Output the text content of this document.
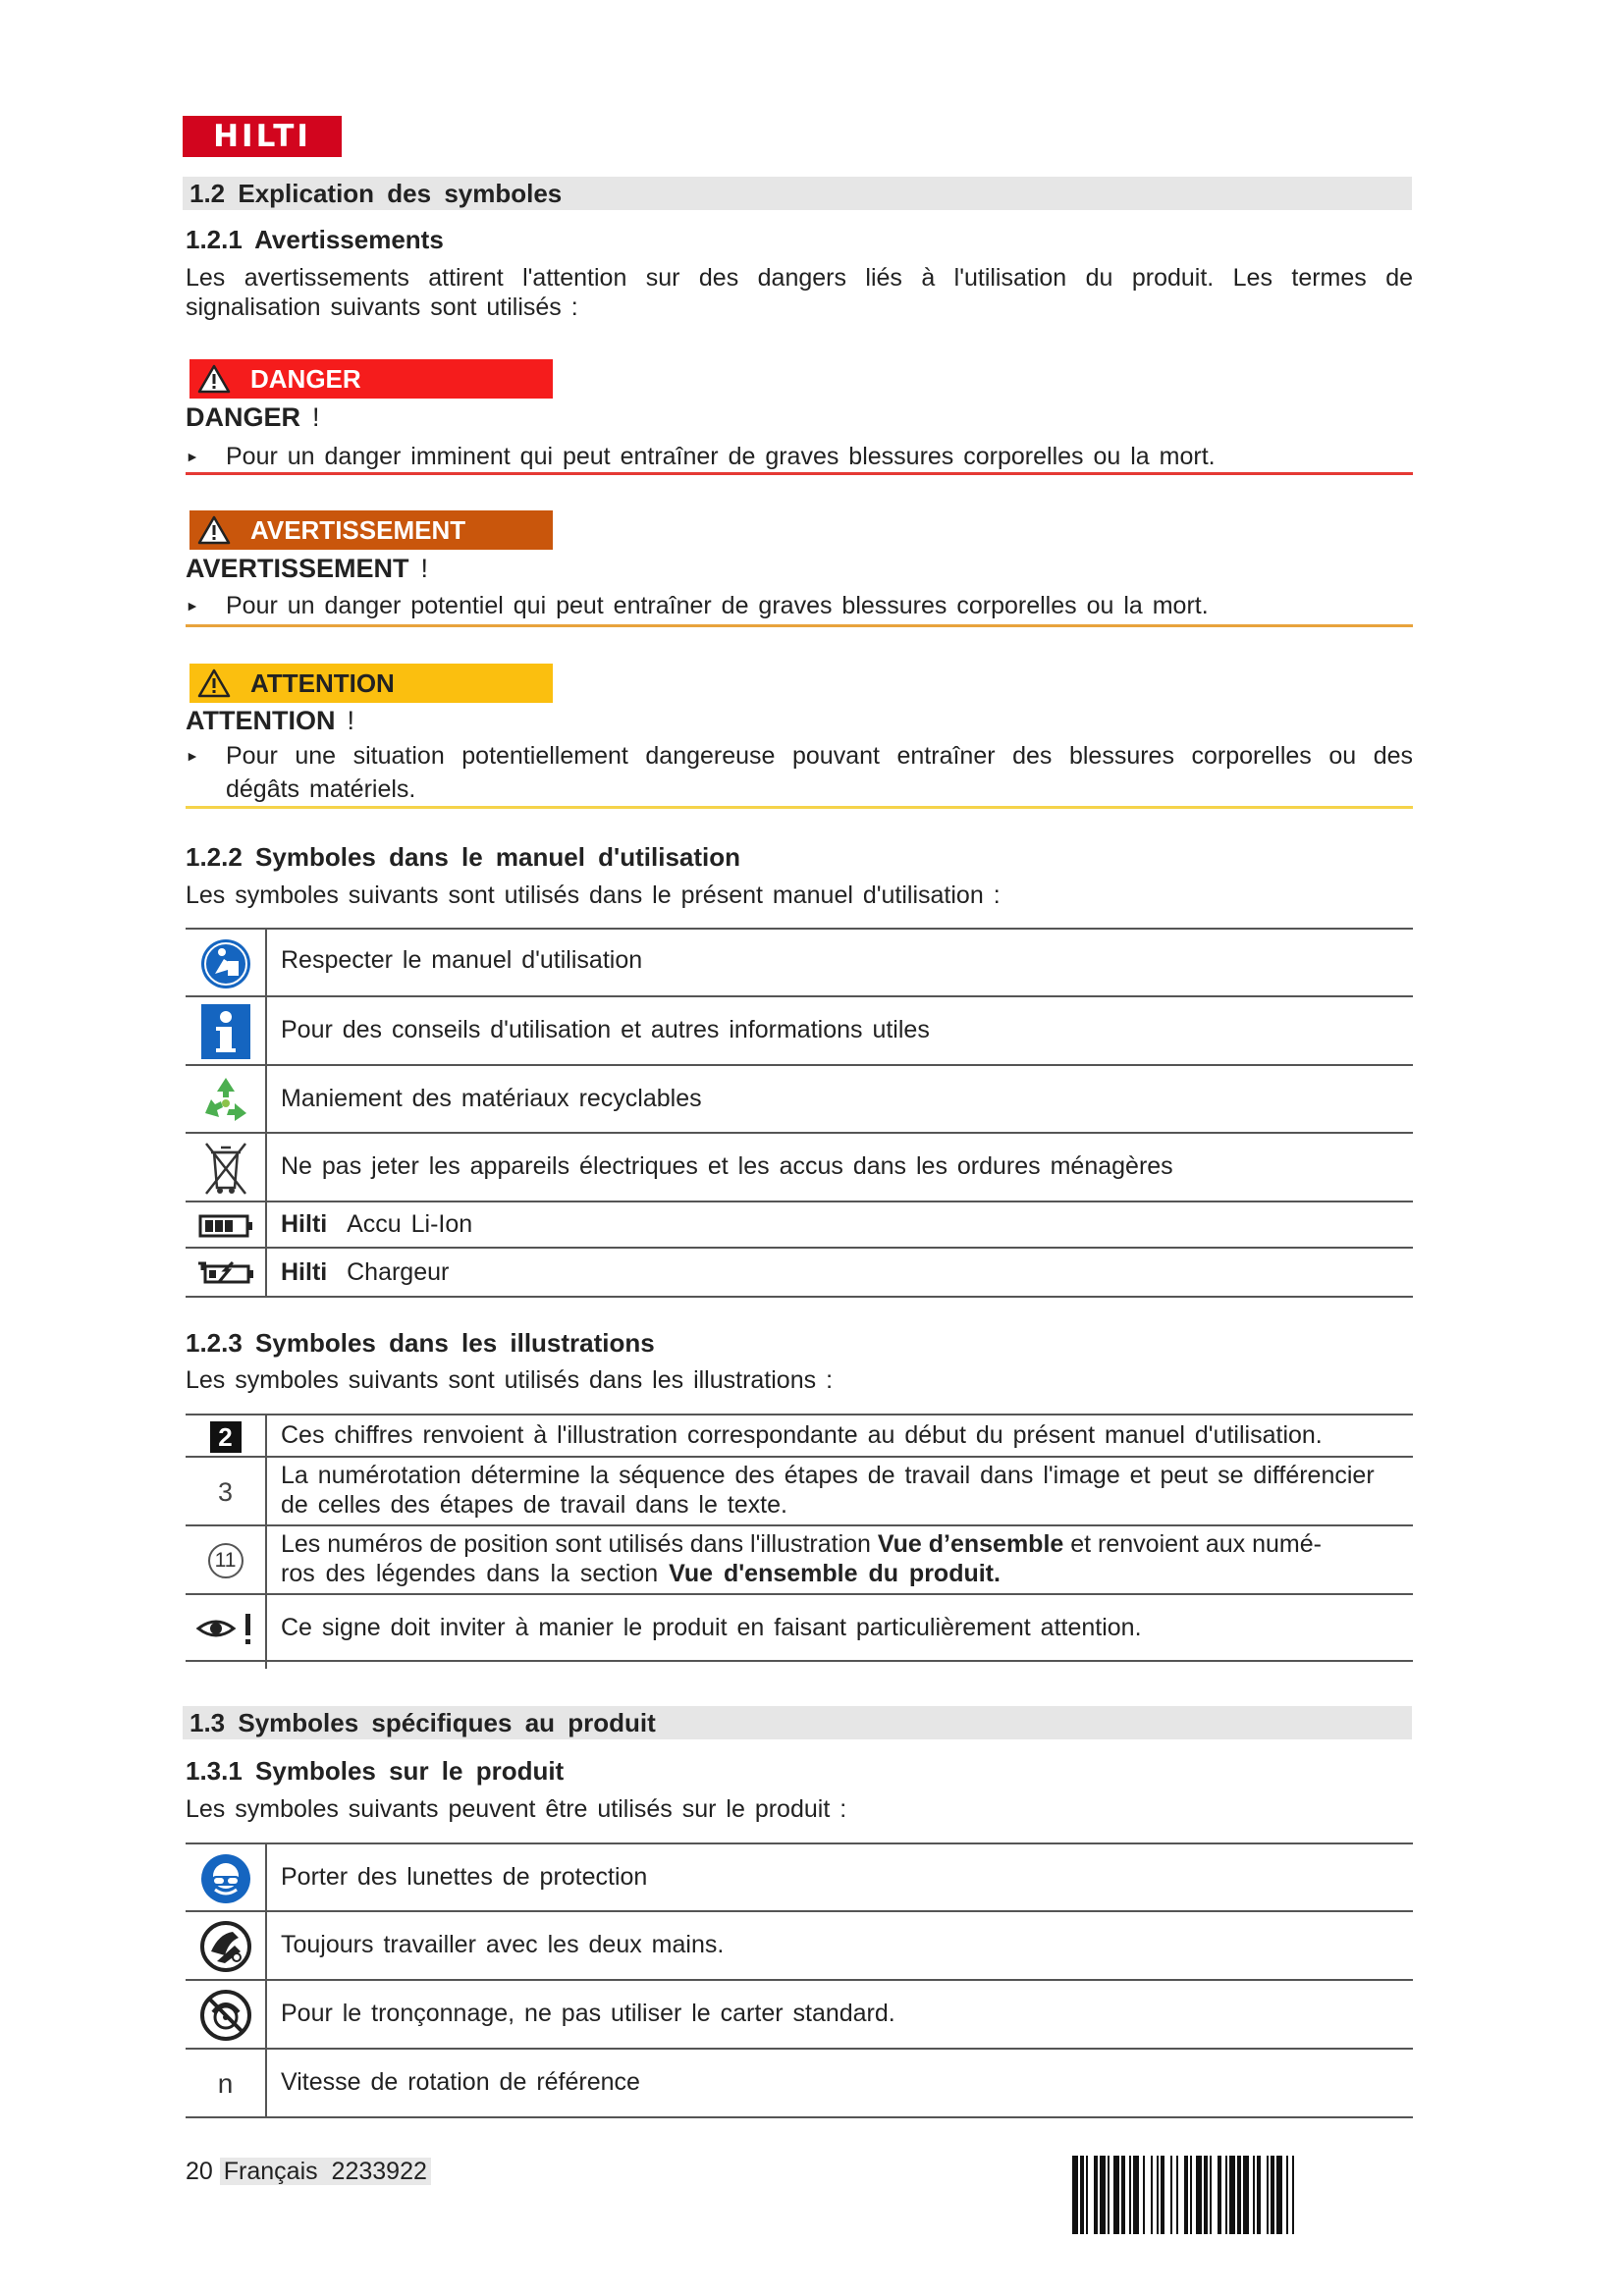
HILTI
1.2 Explication des symboles
1.2.1 Avertissements
Les avertissements attirent l'attention sur des dangers liés à l'utilisation du produit. Les termes de signalisation suivants sont utilisés :
DANGER
DANGER !
► Pour un danger imminent qui peut entraîner de graves blessures corporelles ou la mort.
AVERTISSEMENT
AVERTISSEMENT !
► Pour un danger potentiel qui peut entraîner de graves blessures corporelles ou la mort.
ATTENTION
ATTENTION !
► Pour une situation potentiellement dangereuse pouvant entraîner des blessures corporelles ou des dégâts matériels.
1.2.2 Symboles dans le manuel d'utilisation
Les symboles suivants sont utilisés dans le présent manuel d'utilisation :
Respecter le manuel d'utilisation
Pour des conseils d'utilisation et autres informations utiles
Maniement des matériaux recyclables
Ne pas jeter les appareils électriques et les accus dans les ordures ménagères
Hilti Accu Li-Ion
Hilti Chargeur
1.2.3 Symboles dans les illustrations
Les symboles suivants sont utilisés dans les illustrations :
2	Ces chiffres renvoient à l'illustration correspondante au début du présent manuel d'utilisation.
3
La numérotation détermine la séquence des étapes de travail dans l'image et peut se différencier
de celles des étapes de travail dans le texte.
11
Les numéros de position sont utilisés dans l'illustration Vue d’ensemble et renvoient aux numé-
ros des légendes dans la section Vue d'ensemble du produit.
Ce signe doit inviter à manier le produit en faisant particulièrement attention.
1.3 Symboles spécifiques au produit
1.3.1 Symboles sur le produit
Les symboles suivants peuvent être utilisés sur le produit :
Porter des lunettes de protection
Toujours travailler avec les deux mains.
Pour le tronçonnage, ne pas utiliser le carter standard.
n	Vitesse de rotation de référence
20 Français 2233922
